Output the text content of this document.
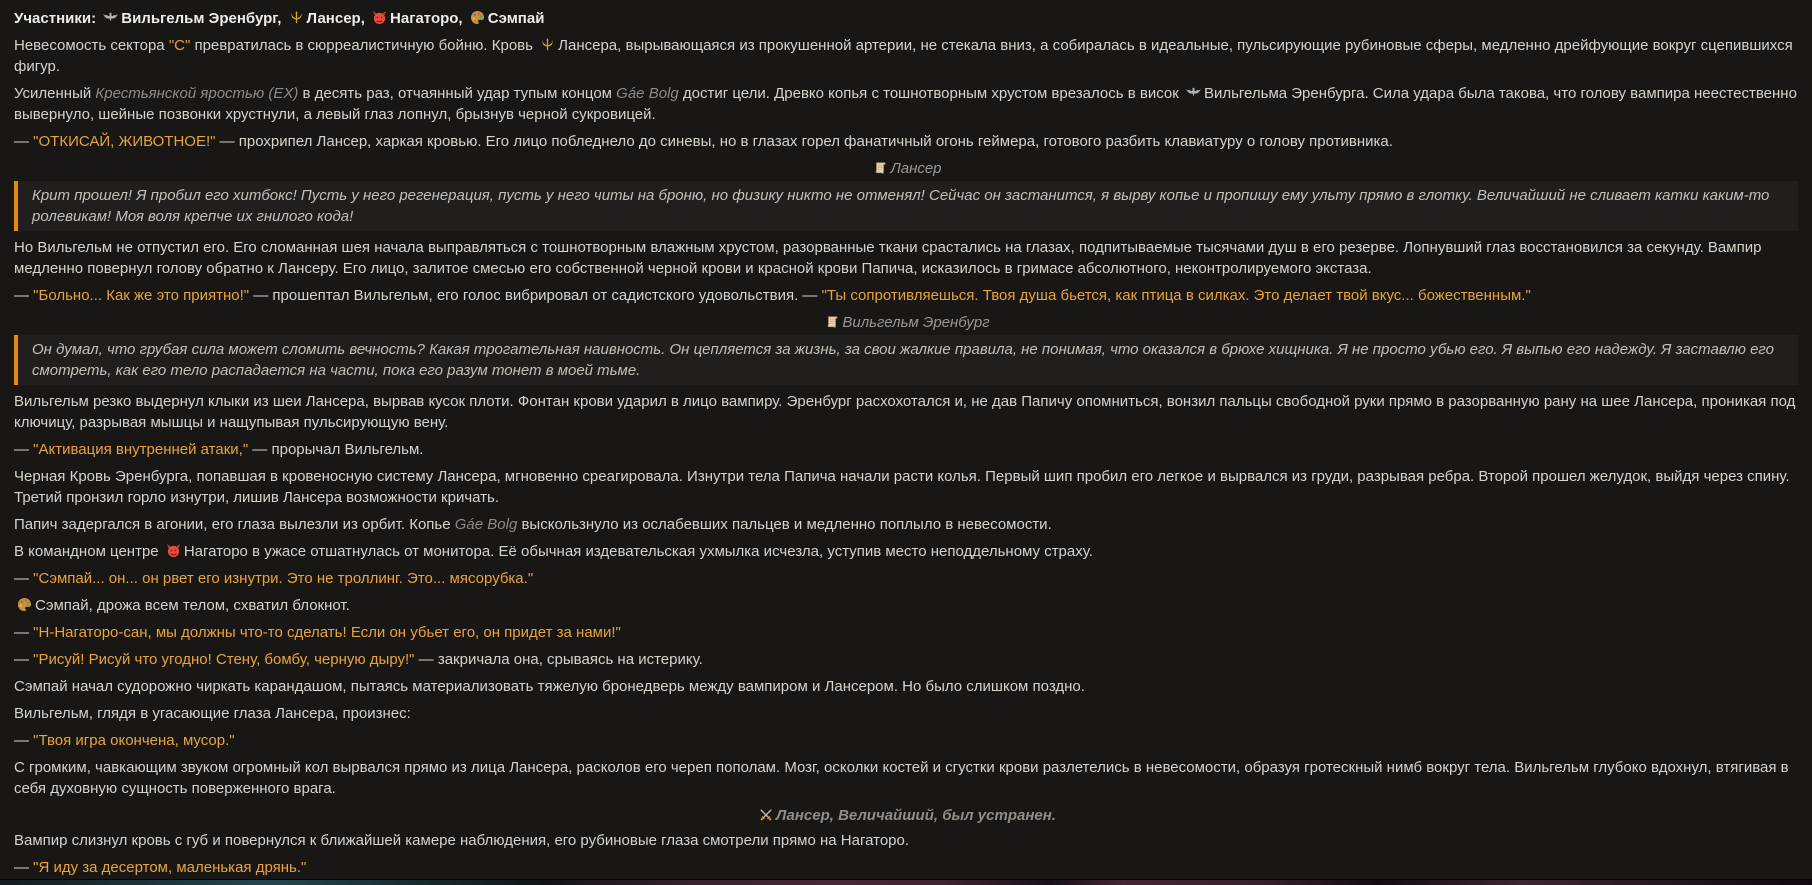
Участники: Вильгельм Эренбург, Лансер, Нагаторо, Сэмпай

Невесомость сектора "C" превратилась в сюрреалистичную бойню. Кровь Лансера, вырывающаяся из прокушенной артерии, не стекала вниз, а собиралась в идеальные, пульсирующие рубиновые сферы, медленно дрейфующие вокруг сцепившихся фигур.

Усиленный Крестьянской яростью (EX) в десять раз, отчаянный удар тупым концом Gáe Bolg достиг цели. Древко копья с тошнотворным хрустом врезалось в висок Вильгельма Эренбурга. Сила удара была такова, что голову вампира неестественно вывернуло, шейные позвонки хрустнули, а левый глаз лопнул, брызнув черной сукровицей.

— "ОТКИСАЙ, ЖИВОТНОЕ!" — прохрипел Лансер, харкая кровью. Его лицо побледнело до синевы, но в глазах горел фанатичный огонь геймера, готового разбить клавиатуру о голову противника.

Лансер
Крит прошел! Я пробил его хитбокс! Пусть у него регенерация, пусть у него читы на броню, но физику никто не отменял! Сейчас он застанится, я вырву копье и пропишу ему ульту прямо в глотку. Величайший не сливает катки каким-то ролевикам! Моя воля крепче их гнилого кода!

Но Вильгельм не отпустил его. Его сломанная шея начала выправляться с тошнотворным влажным хрустом, разорванные ткани срастались на глазах, подпитываемые тысячами душ в его резерве. Лопнувший глаз восстановился за секунду. Вампир медленно повернул голову обратно к Лансеру. Его лицо, залитое смесью его собственной черной крови и красной крови Папича, исказилось в гримасе абсолютного, неконтролируемого экстаза.

— "Больно... Как же это приятно!" — прошептал Вильгельм, его голос вибрировал от садистского удовольствия. — "Ты сопротивляешься. Твоя душа бьется, как птица в силках. Это делает твой вкус... божественным."

Вильгельм Эренбург
Он думал, что грубая сила может сломить вечность? Какая трогательная наивность. Он цепляется за жизнь, за свои жалкие правила, не понимая, что оказался в брюхе хищника. Я не просто убью его. Я выпью его надежду. Я заставлю его смотреть, как его тело распадается на части, пока его разум тонет в моей тьме.

Вильгельм резко выдернул клыки из шеи Лансера, вырвав кусок плоти. Фонтан крови ударил в лицо вампиру. Эренбург расхохотался и, не дав Папичу опомниться, вонзил пальцы свободной руки прямо в разорванную рану на шее Лансера, проникая под ключицу, разрывая мышцы и нащупывая пульсирующую вену.

— "Активация внутренней атаки," — прорычал Вильгельм.

Черная Кровь Эренбурга, попавшая в кровеносную систему Лансера, мгновенно среагировала. Изнутри тела Папича начали расти колья. Первый шип пробил его легкое и вырвался из груди, разрывая ребра. Второй прошел желудок, выйдя через спину. Третий пронзил горло изнутри, лишив Лансера возможности кричать.

Папич задергался в агонии, его глаза вылезли из орбит. Копье Gáe Bolg выскользнуло из ослабевших пальцев и медленно поплыло в невесомости.

В командном центре Нагаторо в ужасе отшатнулась от монитора. Её обычная издевательская ухмылка исчезла, уступив место неподдельному страху.

— "Сэмпай... он... он рвет его изнутри. Это не троллинг. Это... мясорубка."

Сэмпай, дрожа всем телом, схватил блокнот.

— "Н-Нагаторо-сан, мы должны что-то сделать! Если он убьет его, он придет за нами!"

— "Рисуй! Рисуй что угодно! Стену, бомбу, черную дыру!" — закричала она, срываясь на истерику.

Сэмпай начал судорожно чиркать карандашом, пытаясь материализовать тяжелую бронедверь между вампиром и Лансером. Но было слишком поздно.

Вильгельм, глядя в угасающие глаза Лансера, произнес:

— "Твоя игра окончена, мусор."

С громким, чавкающим звуком огромный кол вырвался прямо из лица Лансера, расколов его череп пополам. Мозг, осколки костей и сгустки крови разлетелись в невесомости, образуя гротескный нимб вокруг тела. Вильгельм глубоко вдохнул, втягивая в себя духовную сущность поверженного врага.

Лансер, Величайший, был устранен.

Вампир слизнул кровь с губ и повернулся к ближайшей камере наблюдения, его рубиновые глаза смотрели прямо на Нагаторо.

— "Я иду за десертом, маленькая дрянь."
